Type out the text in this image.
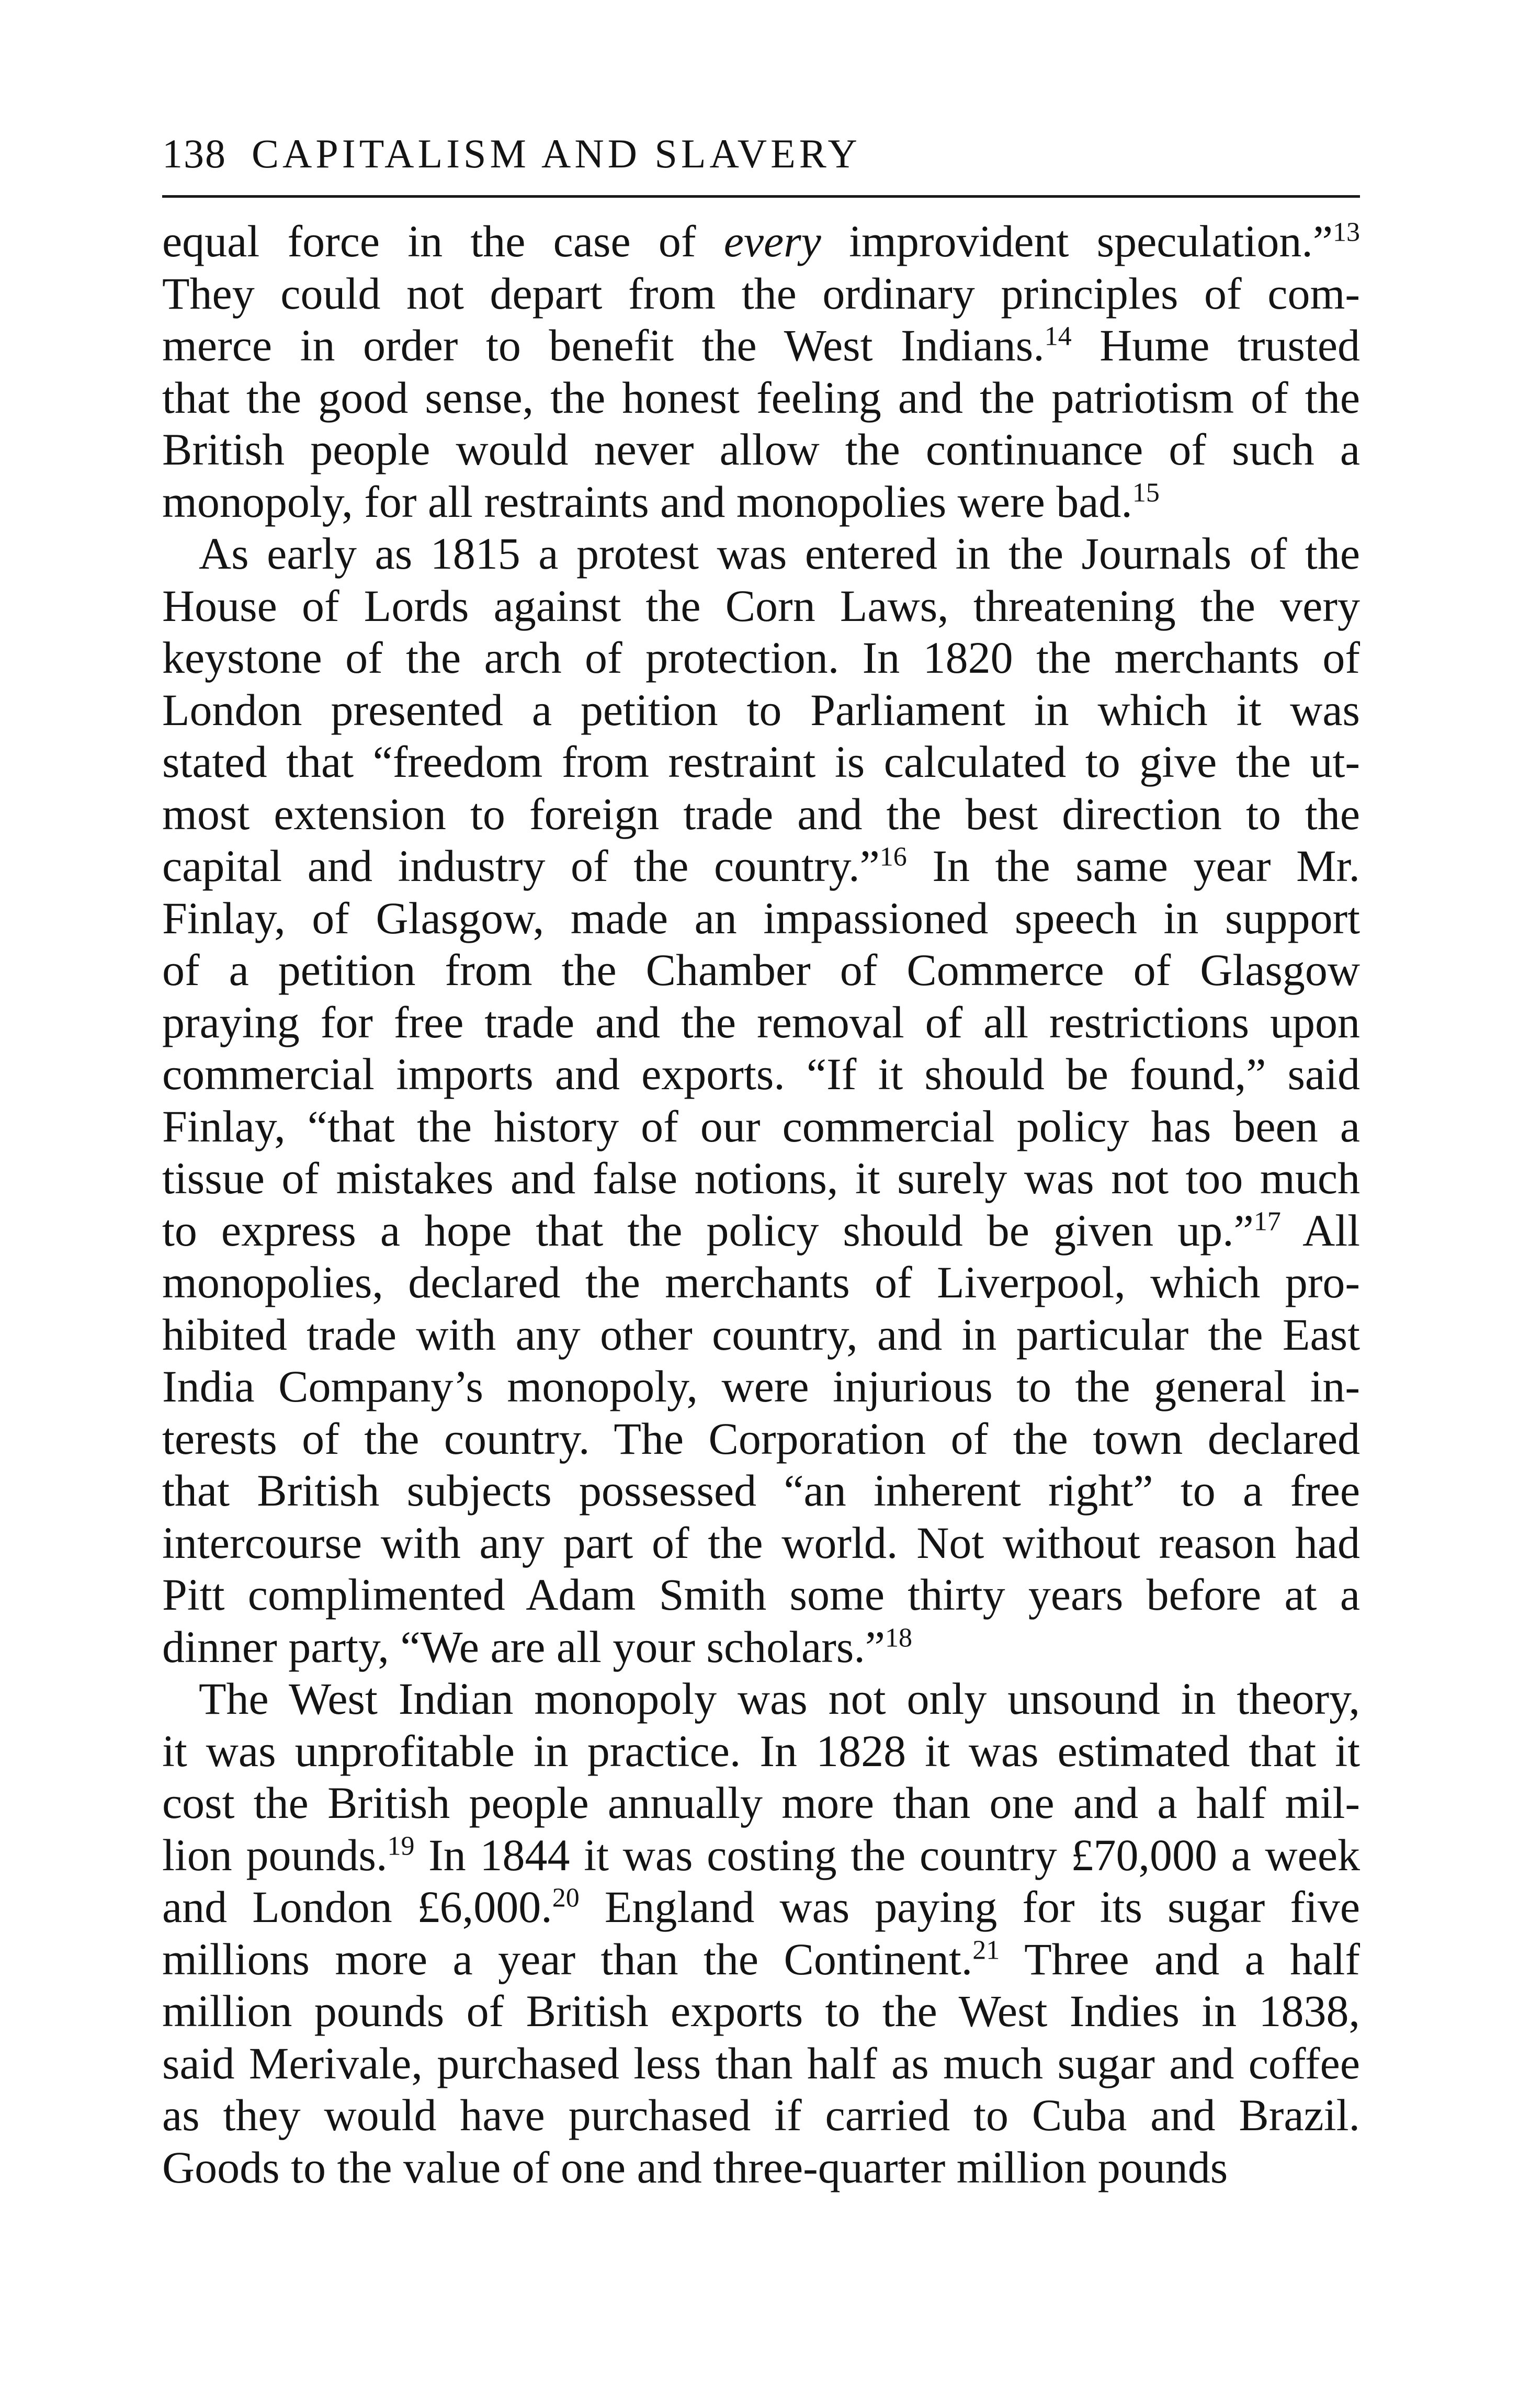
138 CAPITALISM AND SLAVERY

equal force in the case of every improvident speculation.”$^{13}$
They could not depart from the ordinary principles of com-
merce in order to benefit the West Indians.$^{14}$ Hume trusted
that the good sense, the honest feeling and the patriotism of the
British people would never allow the continuance of such a
monopoly, for all restraints and monopolies were bad.$^{15}$

As early as 1815 a protest was entered in the Journals of the
House of Lords against the Corn Laws, threatening the very
keystone of the arch of protection. In 1820 the merchants of
London presented a petition to Parliament in which it was
stated that “freedom from restraint is calculated to give the ut-
most extension to foreign trade and the best direction to the
capital and industry of the country.”$^{16}$ In the same year Mr.
Finlay, of Glasgow, made an impassioned speech in support
of a petition from the Chamber of Commerce of Glasgow
praying for free trade and the removal of all restrictions upon
commercial imports and exports. “If it should be found,” said
Finlay, “that the history of our commercial policy has been a
tissue of mistakes and false notions, it surely was not too much
to express a hope that the policy should be given up.”$^{17}$ All
monopolies, declared the merchants of Liverpool, which pro-
hibited trade with any other country, and in particular the East
India Company’s monopoly, were injurious to the general in-
terests of the country. The Corporation of the town declared
that British subjects possessed “an inherent right” to a free
intercourse with any part of the world. Not without reason had
Pitt complimented Adam Smith some thirty years before at a
dinner party, “We are all your scholars.”$^{18}$

The West Indian monopoly was not only unsound in theory,
it was unprofitable in practice. In 1828 it was estimated that it
cost the British people annually more than one and a half mil-
lion pounds.$^{19}$ In 1844 it was costing the country £70,000 a week
and London £6,000.20 England was paying for its sugar five
millions more a year than the Continent.$^{21}$ Three and a half
million pounds of British exports to the West Indies in 1838,
said Merivale, purchased less than half as much sugar and coffee
as they would have purchased if carried to Cuba and Brazil.
Goods to the value of one and three-quarter million pounds
